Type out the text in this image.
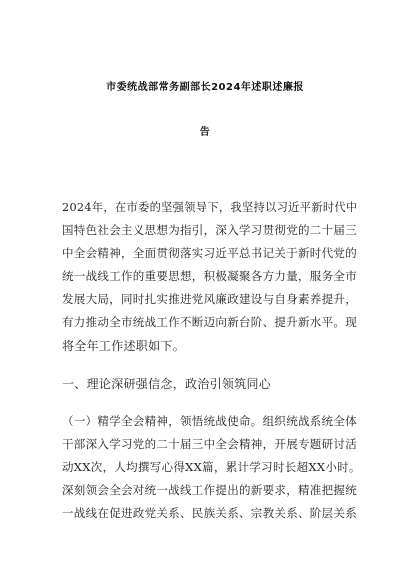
市委统战部常务副部长2024年述职述廉报
告
2024年，在市委的坚强领导下，我坚持以习近平新时代中
国特色社会主义思想为指引，深入学习贯彻党的二十届三
中全会精神，全面贯彻落实习近平总书记关于新时代党的
统一战线工作的重要思想，积极凝聚各方力量，服务全市
发展大局，同时扎实推进党风廉政建设与自身素养提升，
有力推动全市统战工作不断迈向新台阶、提升新水平。现
将全年工作述职如下。
一、理论深研强信念，政治引领筑同心
（一）精学全会精神，领悟统战使命。组织统战系统全体
干部深入学习党的二十届三中全会精神，开展专题研讨活
动XX次，人均撰写心得XX篇，累计学习时长超XX小时。
深刻领会全会对统一战线工作提出的新要求，精准把握统
一战线在促进政党关系、民族关系、宗教关系、阶层关系
